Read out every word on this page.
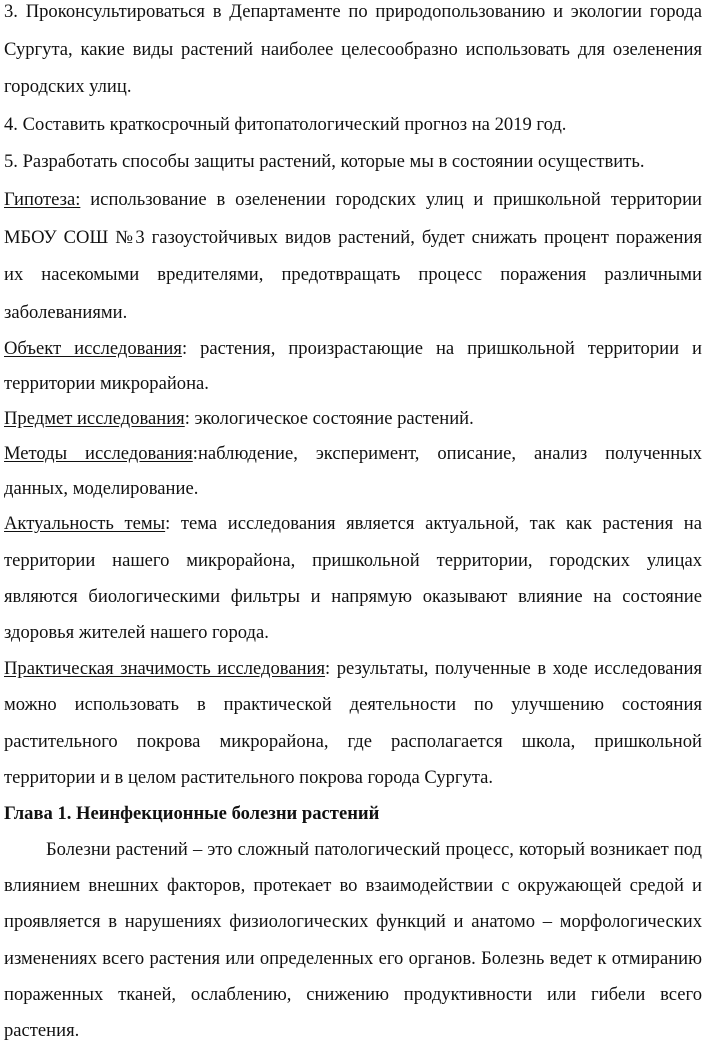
3. Проконсультироваться в Департаменте по природопользованию и экологии города Сургута, какие виды растений наиболее целесообразно использовать для озеленения городских улиц.

4. Составить краткосрочный фитопатологический прогноз на 2019 год.

5. Разработать способы защиты растений, которые мы в состоянии осуществить.

Гипотеза: использование в озеленении городских улиц и пришкольной территории МБОУ СОШ №3 газоустойчивых видов растений, будет снижать процент поражения их насекомыми вредителями, предотвращать процесс поражения различными заболеваниями.

Объект исследования: растения, произрастающие на пришкольной территории и территории микрорайона.

Предмет исследования: экологическое состояние растений.

Методы исследования:наблюдение, эксперимент, описание, анализ полученных данных, моделирование.

Актуальность темы: тема исследования является актуальной, так как растения на территории нашего микрорайона, пришкольной территории, городских улицах являются биологическими фильтры и напрямую оказывают влияние на состояние здоровья жителей нашего города.

Практическая значимость исследования: результаты, полученные в ходе исследования можно использовать в практической деятельности по улучшению состояния растительного покрова микрорайона, где располагается школа, пришкольной территории и в целом растительного покрова города Сургута.

Глава 1. Неинфекционные болезни растений

Болезни растений – это сложный патологический процесс, который возникает под влиянием внешних факторов, протекает во взаимодействии с окружающей средой и проявляется в нарушениях физиологических функций и анатомо – морфологических изменениях всего растения или определенных его органов. Болезнь ведет к отмиранию пораженных тканей, ослаблению, снижению продуктивности или гибели всего растения.
